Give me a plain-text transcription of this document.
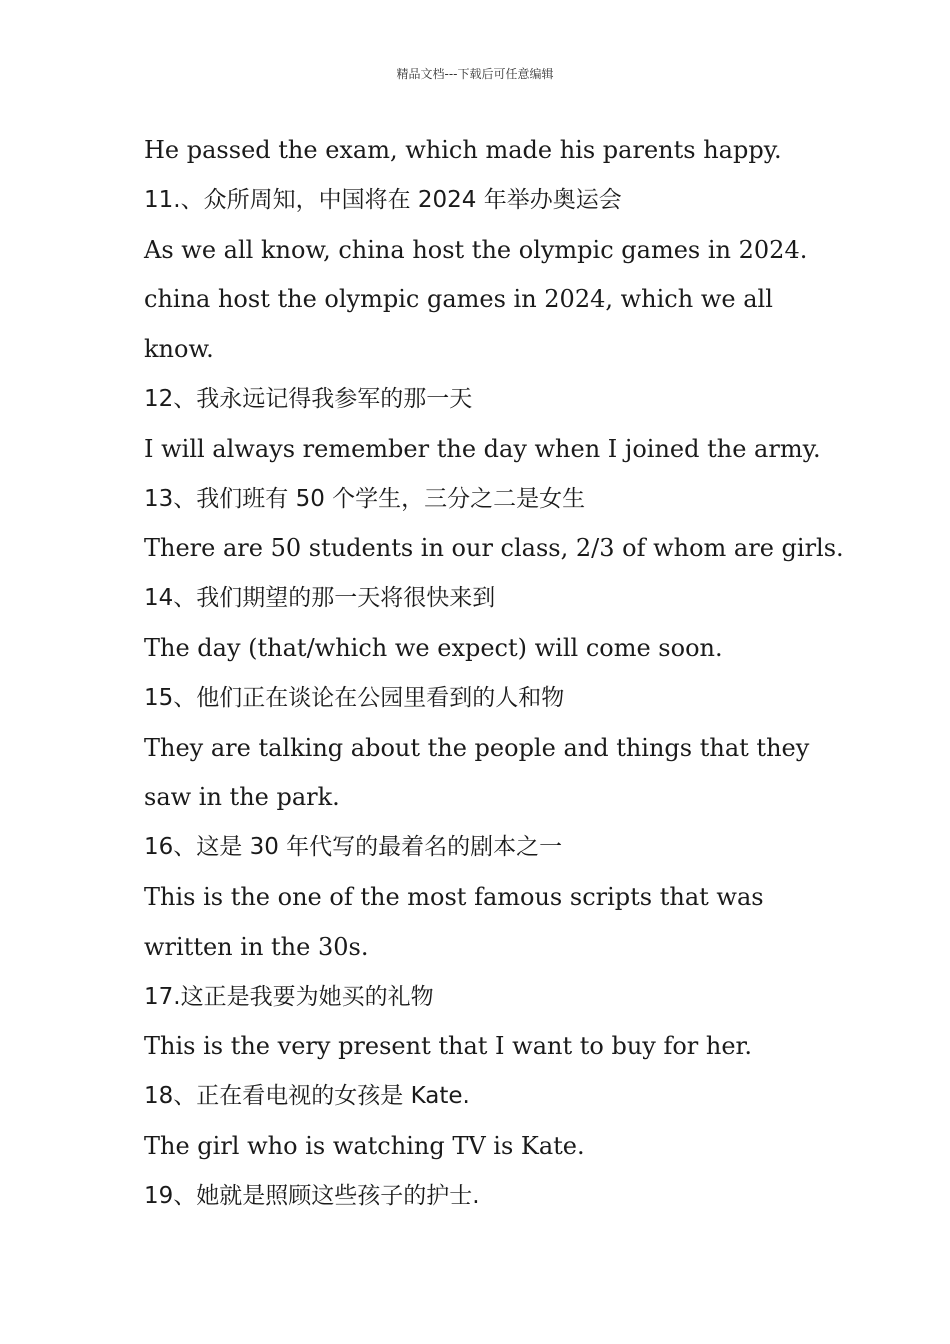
精品文档---下载后可任意编辑

He passed the exam, which made his parents happy.

11.、众所周知，中国将在 2024 年举办奥运会

As we all know, china host the olympic games in 2024.

china host the olympic games in 2024, which we all

know.

12、我永远记得我参军的那一天

I will always remember the day when I joined the army.

13、我们班有 50 个学生，三分之二是女生

There are 50 students in our class, 2/3 of whom are girls.

14、我们期望的那一天将很快来到

The day (that/which we expect) will come soon.

15、他们正在谈论在公园里看到的人和物

They are talking about the people and things that they

saw in the park.

16、这是 30 年代写的最着名的剧本之一

This is the one of the most famous scripts that was

written in the 30s.

17.这正是我要为她买的礼物

This is the very present that I want to buy for her.

18、正在看电视的女孩是 Kate.

The girl who is watching TV is Kate.

19、她就是照顾这些孩子的护士.
